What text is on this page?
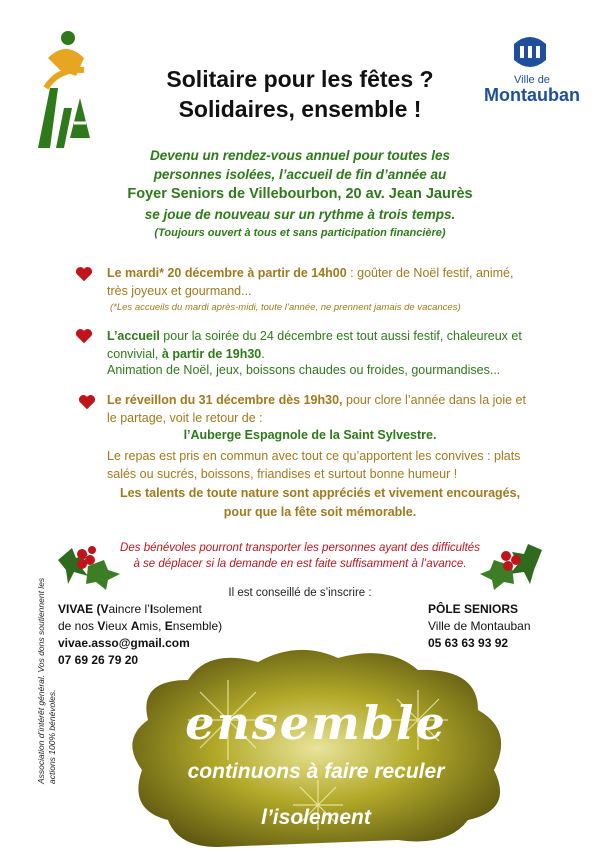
Ville de
Montauban
Solitaire pour les fêtes ?
Solidaires, ensemble !
Devenu un rendez-vous annuel pour toutes les
personnes isolées, l’accueil de fin d’année au
Foyer Seniors de Villebourbon, 20 av. Jean Jaurès
se joue de nouveau sur un rythme à trois temps.
(Toujours ouvert à tous et sans participation financière)
Le mardi* 20 décembre à partir de 14h00 : goûter de Noël festif, animé, très joyeux et gourmand...
(*Les accueils du mardi après-midi, toute l’année, ne prennent jamais de vacances)
L’accueil pour la soirée du 24 décembre est tout aussi festif, chaleureux et convivial, à partir de 19h30.
Animation de Noël, jeux, boissons chaudes ou froides, gourmandises...
Le réveillon du 31 décembre dès 19h30, pour clore l’année dans la joie et le partage, voit le retour de :
l’Auberge Espagnole de la Saint Sylvestre.
Le repas est pris en commun avec tout ce qu’apportent les convives : plats salés ou sucrés, boissons, friandises et surtout bonne humeur !
Les talents de toute nature sont appréciés et vivement encouragés,
pour que la fête soit mémorable.
Des bénévoles pourront transporter les personnes ayant des difficultés
à se déplacer si la demande en est faite suffisamment à l’avance.
Il est conseillé de s’inscrire :
VIVAE (Vaincre l’Isolement
de nos Vieux Amis, Ensemble)
vivae.asso@gmail.com
07 69 26 79 20
PÔLE SENIORS
Ville de Montauban
05 63 63 93 92
Association d’intérêt général. Vos dons soutiennent les actions 100% bénévoles.	ensemble
continuons à faire reculer
l’isolement
